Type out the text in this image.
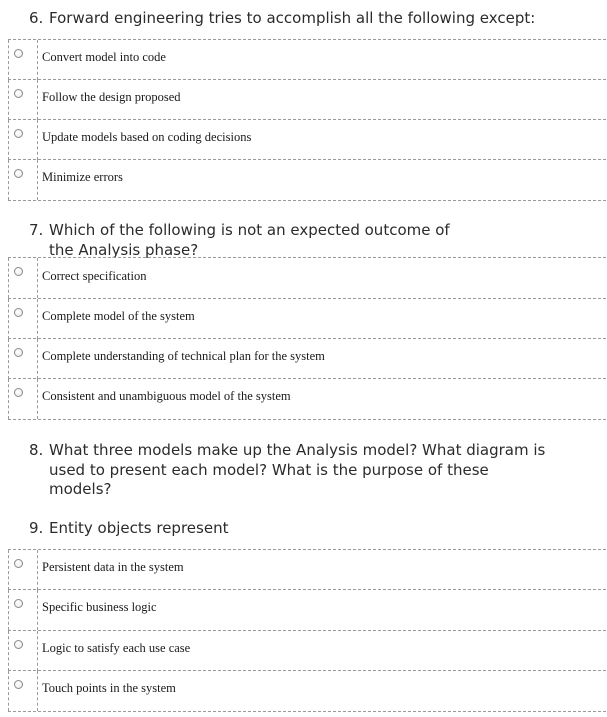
6. Forward engineering tries to accomplish all the following except:
Convert model into code
Follow the design proposed
Update models based on coding decisions
Minimize errors
7. Which of the following is not an expected outcome of the Analysis phase?
Correct specification
Complete model of the system
Complete understanding of technical plan for the system
Consistent and unambiguous model of the system
8. What three models make up the Analysis model? What diagram is used to present each model? What is the purpose of these models?
9. Entity objects represent
Persistent data in the system
Specific business logic
Logic to satisfy each use case
Touch points in the system
